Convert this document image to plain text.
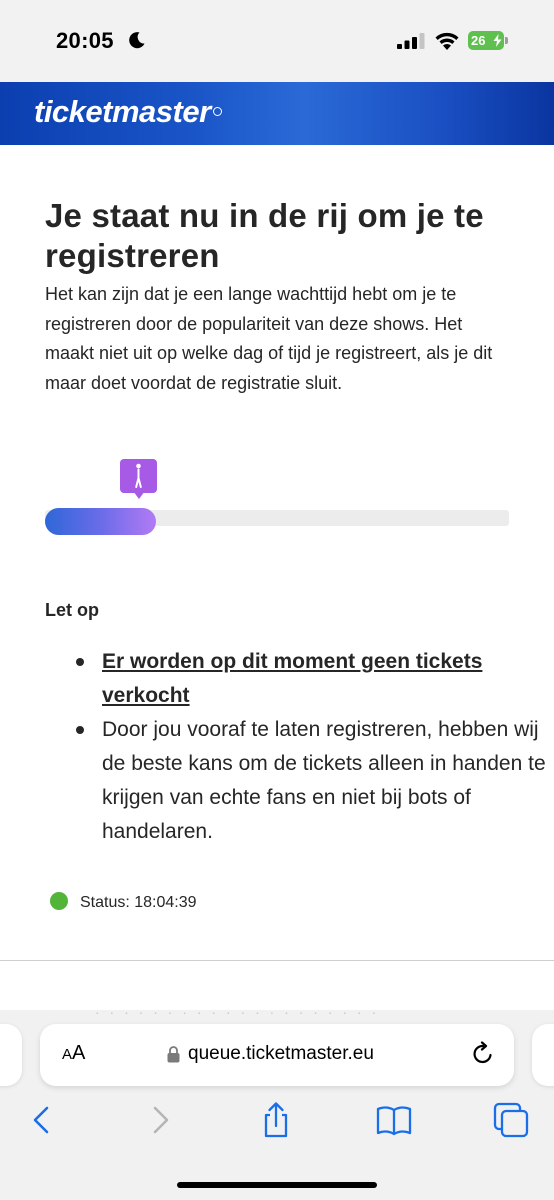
20:05	26
ticketmaster
Je staat nu in de rij om je te registreren

Het kan zijn dat je een lange wachttijd hebt om je te registreren door de populariteit van deze shows. Het maakt niet uit op welke dag of tijd je registreert, als je dit maar doet voordat de registratie sluit.

Let op
Er worden op dit moment geen tickets verkocht
Door jou vooraf te laten registreren, hebben wij de beste kans om de tickets alleen in handen te krijgen van echte fans en niet bij bots of handelaren.
Status: 18:04:39
· · · · · · · · · · · · · · · · · · · ·
AA	queue.ticketmaster.eu
